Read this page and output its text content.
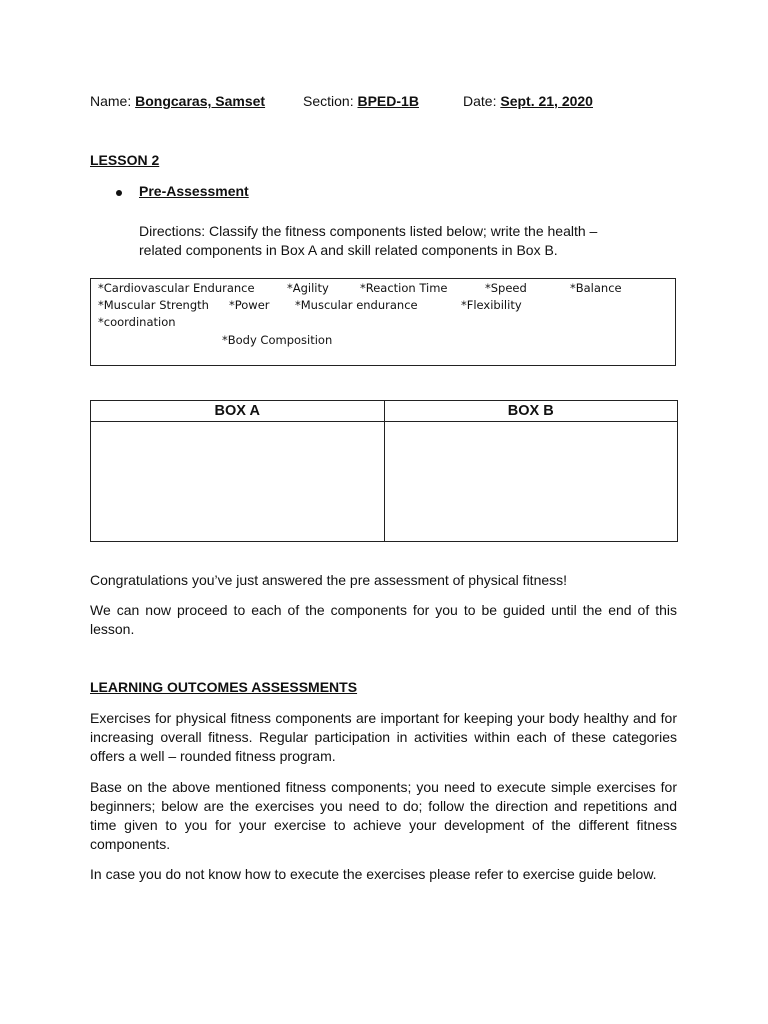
Name: Bongcaras, Samset	Section: BPED-1B	Date: Sept. 21, 2020
LESSON 2
Pre-Assessment
Directions: Classify the fitness components listed below; write the health –
related components in Box A and skill related components in Box B.
*Cardiovascular Endurance	*Agility	*Reaction Time	*Speed	*Balance
*Muscular Strength *Power *Muscular endurance	*Flexibility
*coordination
*Body Composition
BOX A	BOX B

Congratulations you’ve just answered the pre assessment of physical fitness!
We can now proceed to each of the components for you to be guided until the end of this lesson.
LEARNING OUTCOMES ASSESSMENTS
Exercises for physical fitness components are important for keeping your body healthy and for increasing overall fitness. Regular participation in activities within each of these categories offers a well – rounded fitness program.
Base on the above mentioned fitness components; you need to execute simple exercises for beginners; below are the exercises you need to do; follow the direction and repetitions and time given to you for your exercise to achieve your development of the different fitness components.
In case you do not know how to execute the exercises please refer to exercise guide below.
